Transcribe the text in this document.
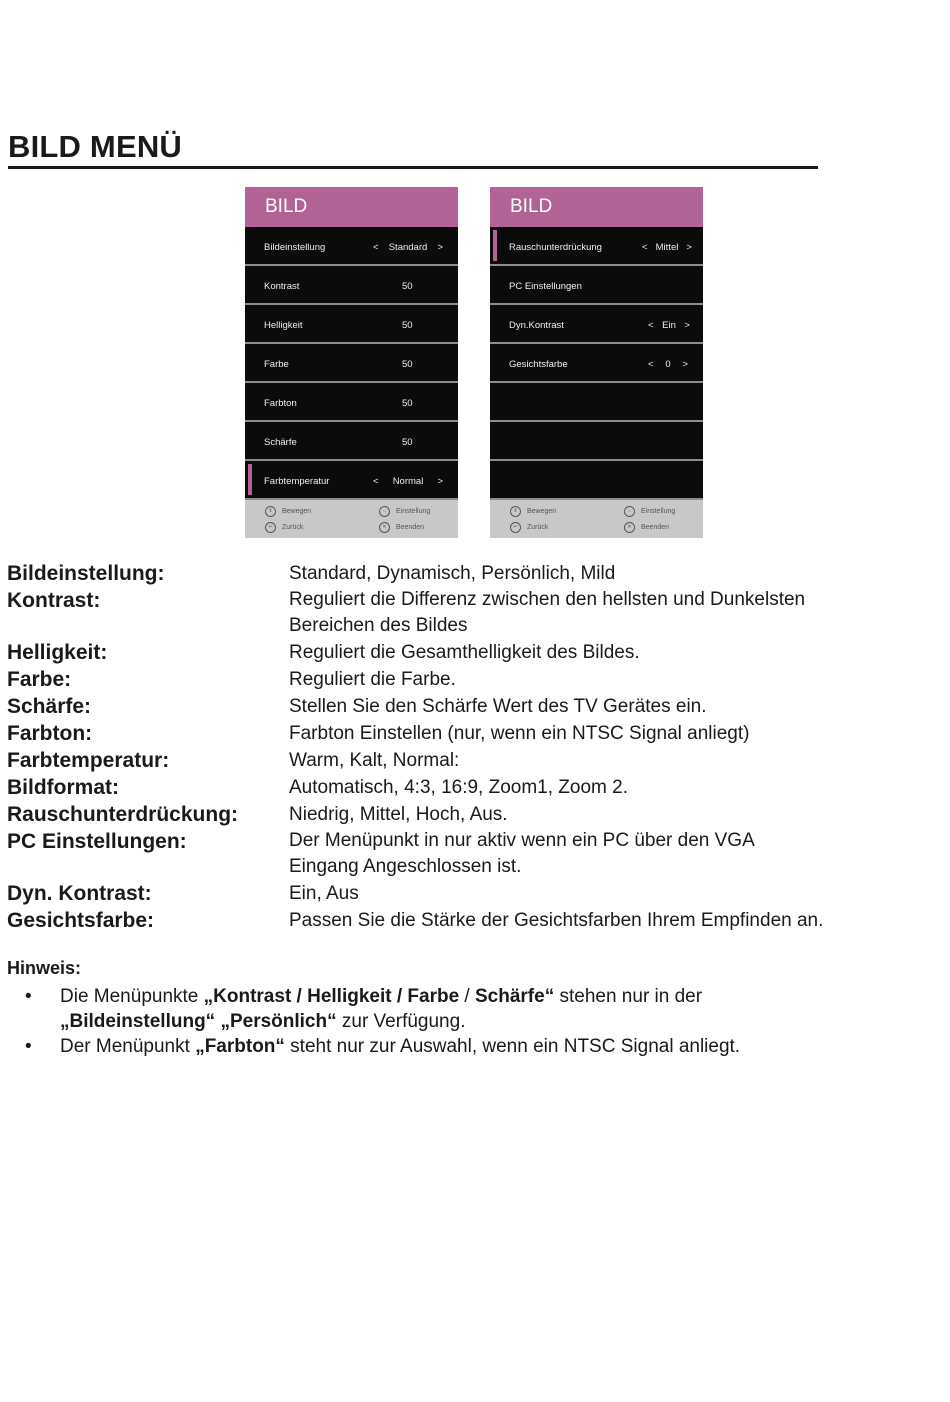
BILD MENÜ
BILD
Bildeinstellung	< Standard >
Kontrast	50
Helligkeit	50
Farbe	50
Farbton	50
Schärfe	50
Farbtemperatur	< Normal >
⇕	Bewegen
↩	Zurück
⇔	Einstellung
✕	Beenden
BILD
Rauschunterdrückung	< Mittel >
PC Einstellungen
Dyn.Kontrast	< Ein >
Gesichtsfarbe	< 0 >
⇕	Bewegen
↩	Zurück
⇔	Einstellung
✕	Beenden
Bildeinstellung:	Standard, Dynamisch, Persönlich, Mild
Kontrast:	Reguliert die Differenz zwischen den hellsten und Dunkelsten Bereichen des Bildes
Helligkeit:	Reguliert die Gesamthelligkeit des Bildes.
Farbe:	Reguliert die Farbe.
Schärfe:	Stellen Sie den Schärfe Wert des TV Gerätes ein.
Farbton:	Farbton Einstellen (nur, wenn ein NTSC Signal anliegt)
Farbtemperatur:	Warm, Kalt, Normal:
Bildformat:	Automatisch, 4:3, 16:9, Zoom1, Zoom 2.
Rauschunterdrückung:	Niedrig, Mittel, Hoch, Aus.
PC Einstellungen:	Der Menüpunkt in nur aktiv wenn ein PC über den VGA Eingang Angeschlossen ist.
Dyn. Kontrast:	Ein, Aus
Gesichtsfarbe:	Passen Sie die Stärke der Gesichtsfarben Ihrem Empfinden an.
Hinweis:
• Die Menüpunkte „Kontrast / Helligkeit / Farbe / Schärfe“ stehen nur in der
„Bildeinstellung“ „Persönlich“ zur Verfügung.
• Der Menüpunkt „Farbton“ steht nur zur Auswahl, wenn ein NTSC Signal anliegt.
